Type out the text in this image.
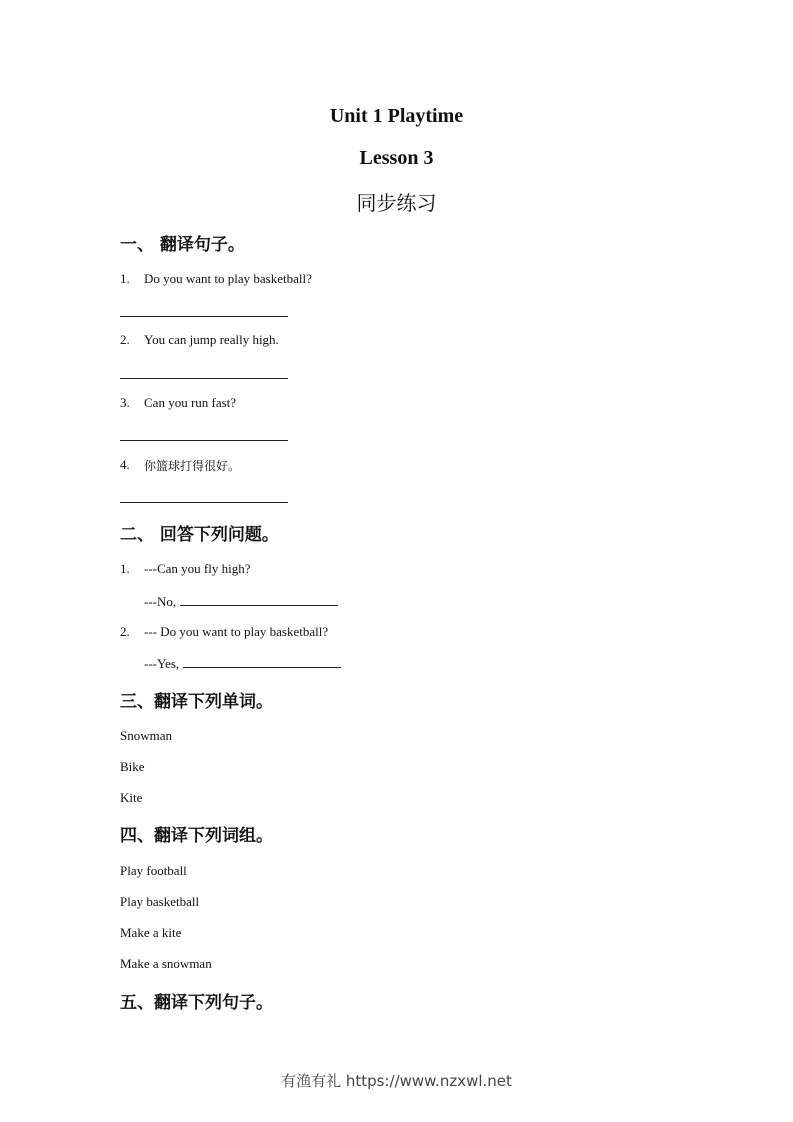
Unit 1 Playtime
Lesson 3
同步练习
一、 翻译句子。
1. Do you want to play basketball?
2. You can jump really high.
3. Can you run fast?
4. 你篮球打得很好。
二、 回答下列问题。
1. ---Can you fly high?
---No,
2. --- Do you want to play basketball?
---Yes,
三、翻译下列单词。
Snowman
Bike
Kite
四、翻译下列词组。
Play football
Play basketball
Make a kite
Make a snowman
五、翻译下列句子。
有渔有礼 https://www.nzxwl.net
